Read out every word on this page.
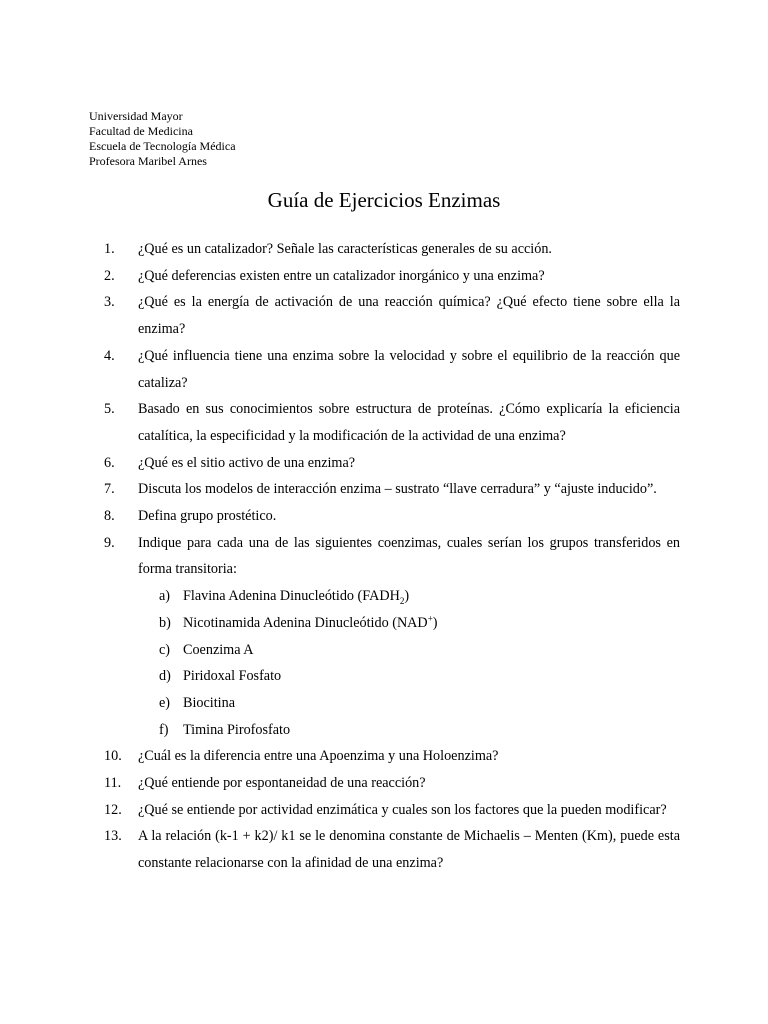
Universidad Mayor
Facultad de Medicina
Escuela de Tecnología Médica
Profesora Maribel Arnes
Guía de Ejercicios Enzimas
1.	¿Qué es un catalizador? Señale las características generales de su acción.
2.	¿Qué deferencias existen entre un catalizador inorgánico y una enzima?
3.	¿Qué es la energía de activación de una reacción química? ¿Qué efecto tiene sobre ella la enzima?
4.	¿Qué influencia tiene una enzima sobre la velocidad y sobre el equilibrio de la reacción que cataliza?
5.	Basado en sus conocimientos sobre estructura de proteínas. ¿Cómo explicaría la eficiencia catalítica, la especificidad y la modificación de la actividad de una enzima?
6.	¿Qué es el sitio activo de una enzima?
7.	Discuta los modelos de interacción enzima – sustrato “llave cerradura” y “ajuste inducido”.
8.	Defina grupo prostético.
9.	Indique para cada una de las siguientes coenzimas, cuales serían los grupos transferidos en forma transitoria:
a) Flavina Adenina Dinucleótido $(FADH_2)$
b) Nicotinamida Adenina Dinucleótido (NAD+)
c) Coenzima A
d) Piridoxal Fosfato
e) Biocitina
f) Timina Pirofosfato
10.	¿Cuál es la diferencia entre una Apoenzima y una Holoenzima?
11.	¿Qué entiende por espontaneidad de una reacción?
12.	¿Qué se entiende por actividad enzimática y cuales son los factores que la pueden modificar?
13.	A la relación (k-1 + k2)/ k1 se le denomina constante de Michaelis – Menten (Km), puede esta constante relacionarse con la afinidad de una enzima?
